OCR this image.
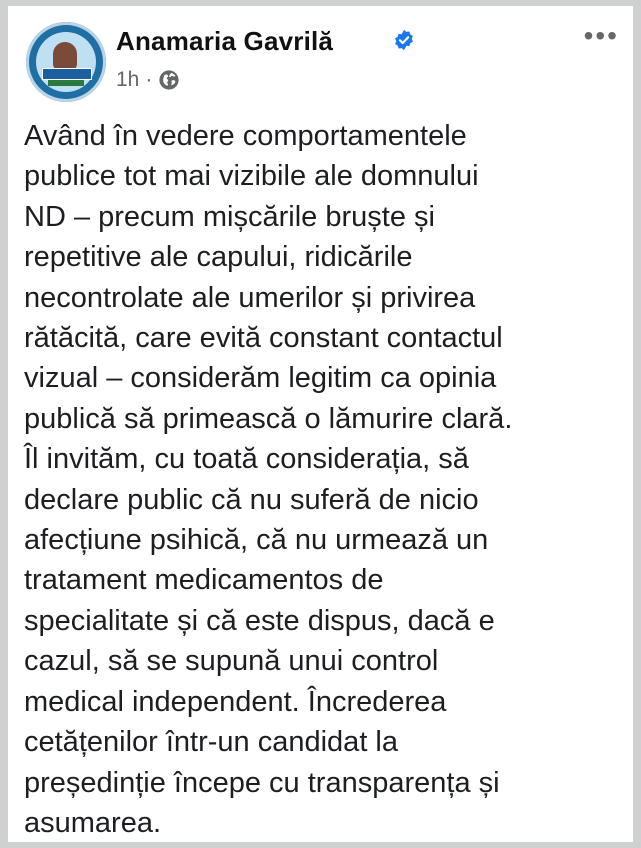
Anamaria Gavrilă
1h ·
•••
Având în vedere comportamentele
publice tot mai vizibile ale domnului
ND – precum mișcările bruște și
repetitive ale capului, ridicările
necontrolate ale umerilor și privirea
rătăcită, care evită constant contactul
vizual – considerăm legitim ca opinia
publică să primească o lămurire clară.
Îl invităm, cu toată considerația, să
declare public că nu suferă de nicio
afecțiune psihică, că nu urmează un
tratament medicamentos de
specialitate și că este dispus, dacă e
cazul, să se supună unui control
medical independent. Încrederea
cetățenilor într-un candidat la
președinție începe cu transparența și
asumarea.
